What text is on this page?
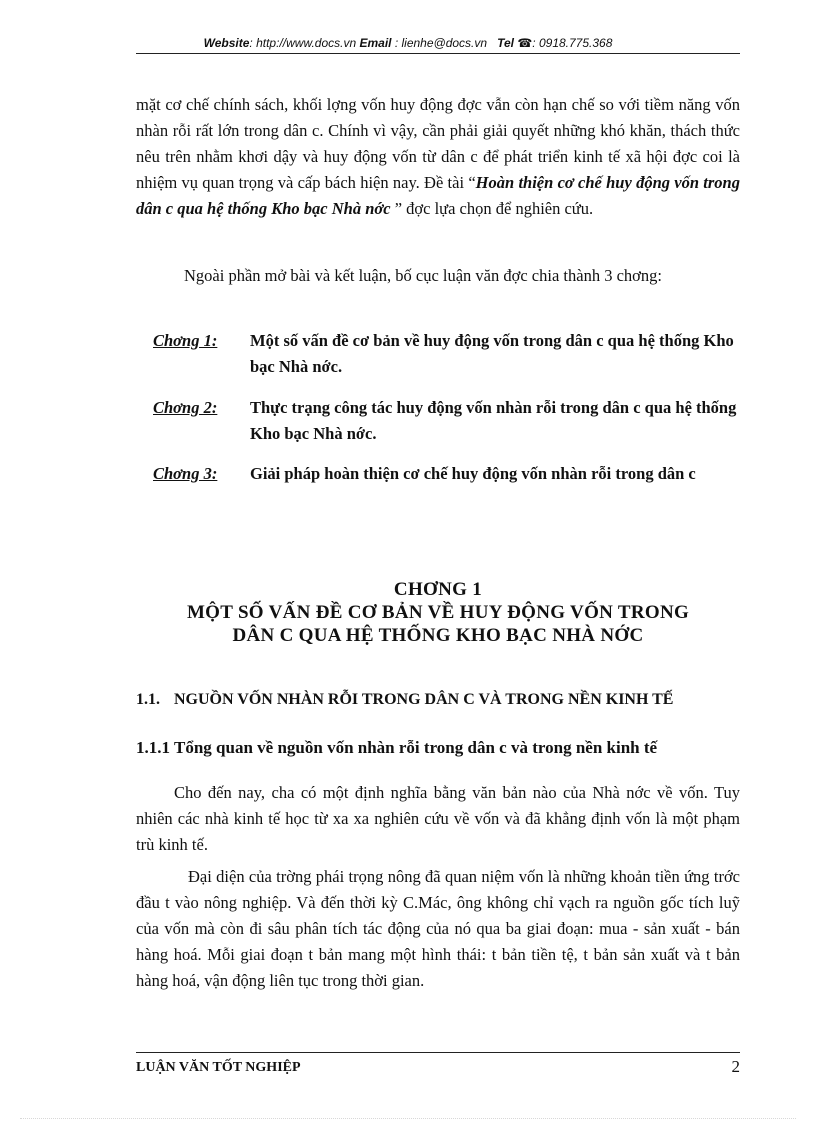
Website: http://www.docs.vn Email : lienhe@docs.vn Tel ☎: 0918.775.368

mặt cơ chế chính sách, khối lợng vốn huy động đợc vẫn còn hạn chế so với tiềm năng vốn nhàn rỗi rất lớn trong dân c. Chính vì vậy, cần phải giải quyết những khó khăn, thách thức nêu trên nhằm khơi dậy và huy động vốn từ dân c để phát triển kinh tế xã hội đợc coi là nhiệm vụ quan trọng và cấp bách hiện nay. Đề tài “Hoàn thiện cơ chế huy động vốn trong dân c qua hệ thống Kho bạc Nhà nớc ” đợc lựa chọn để nghiên cứu.

Ngoài phần mở bài và kết luận, bố cục luận văn đợc chia thành 3 chơng:

Chơng 1: Một số vấn đề cơ bản về huy động vốn trong dân c qua hệ thống Kho bạc Nhà nớc.
Chơng 2: Thực trạng công tác huy động vốn nhàn rỗi trong dân c qua hệ thống Kho bạc Nhà nớc.
Chơng 3: Giải pháp hoàn thiện cơ chế huy động vốn nhàn rỗi trong dân c
CHƠNG 1
MỘT SỐ VẤN ĐỀ CƠ BẢN VỀ HUY ĐỘNG VỐN TRONG
DÂN C QUA HỆ THỐNG KHO BẠC NHÀ NỚC
1.1. NGUỒN VỐN NHÀN RỖI TRONG DÂN C VÀ TRONG NỀN KINH TẾ
1.1.1 Tổng quan về nguồn vốn nhàn rỗi trong dân c và trong nền kinh tế

Cho đến nay, cha có một định nghĩa bằng văn bản nào của Nhà nớc về vốn. Tuy nhiên các nhà kinh tế học từ xa xa nghiên cứu về vốn và đã khẳng định vốn là một phạm trù kinh tế.

Đại diện của trờng phái trọng nông đã quan niệm vốn là những khoản tiền ứng trớc đầu t vào nông nghiệp. Và đến thời kỳ C.Mác, ông không chỉ vạch ra nguồn gốc tích luỹ của vốn mà còn đi sâu phân tích tác động của nó qua ba giai đoạn: mua - sản xuất - bán hàng hoá. Mỗi giai đoạn t bản mang một hình thái: t bản tiền tệ, t bản sản xuất và t bản hàng hoá, vận động liên tục trong thời gian.

LUẬN VĂN TỐT NGHIỆP	2
